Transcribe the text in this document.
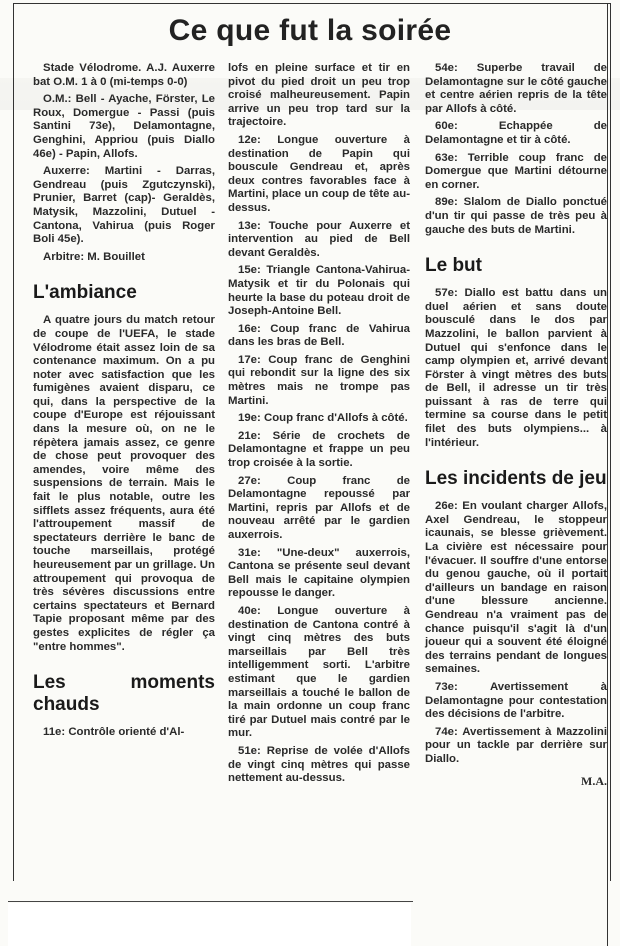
Ce que fut la soirée

Stade Vélodrome. A.J. Auxerre bat O.M. 1 à 0 (mi-temps 0-0)

O.M.: Bell - Ayache, Förster, Le Roux, Domergue - Passi (puis Santini 73e), Delamontagne, Genghini, Appriou (puis Diallo 46e) - Papin, Allofs.

Auxerre: Martini - Darras, Gendreau (puis Zgutczynski), Prunier, Barret (cap)- Geraldès, Matysik, Mazzolini, Dutuel - Cantona, Vahirua (puis Roger Boli 45e).

Arbitre: M. Bouillet

L'ambiance

A quatre jours du match retour de coupe de l'UEFA, le stade Vélodrome était assez loin de sa contenance maximum. On a pu noter avec satisfaction que les fumigènes avaient disparu, ce qui, dans la perspective de la coupe d'Europe est réjouissant dans la mesure où, on ne le répètera jamais assez, ce genre de chose peut provoquer des amendes, voire même des suspensions de terrain. Mais le fait le plus notable, outre les sifflets assez fréquents, aura été l'attroupement massif de spectateurs derrière le banc de touche marseillais, protégé heureusement par un grillage. Un attroupement qui provoqua de très sévères discussions entre certains spectateurs et Bernard Tapie proposant même par des gestes explicites de régler ça "entre hommes".

Les moments chauds

11e: Contrôle orienté d'Al-

lofs en pleine surface et tir en pivot du pied droit un peu trop croisé malheureusement. Papin arrive un peu trop tard sur la trajectoire.

12e: Longue ouverture à destination de Papin qui bouscule Gendreau et, après deux contres favorables face à Martini, place un coup de tête au-dessus.

13e: Touche pour Auxerre et intervention au pied de Bell devant Geraldès.

15e: Triangle Cantona-Vahirua-Matysik et tir du Polonais qui heurte la base du poteau droit de Joseph-Antoine Bell.

16e: Coup franc de Vahirua dans les bras de Bell.

17e: Coup franc de Genghini qui rebondit sur la ligne des six mètres mais ne trompe pas Martini.

19e: Coup franc d'Allofs à côté.

21e: Série de crochets de Delamontagne et frappe un peu trop croisée à la sortie.

27e: Coup franc de Delamontagne repoussé par Martini, repris par Allofs et de nouveau arrêté par le gardien auxerrois.

31e: "Une-deux" auxerrois, Cantona se présente seul devant Bell mais le capitaine olympien repousse le danger.

40e: Longue ouverture à destination de Cantona contré à vingt cinq mètres des buts marseillais par Bell très intelligemment sorti. L'arbitre estimant que le gardien marseillais a touché le ballon de la main ordonne un coup franc tiré par Dutuel mais contré par le mur.

51e: Reprise de volée d'Allofs de vingt cinq mètres qui passe nettement au-dessus.

54e: Superbe travail de Delamontagne sur le côté gauche et centre aérien repris de la tête par Allofs à côté.

60e: Echappée de Delamontagne et tir à côté.

63e: Terrible coup franc de Domergue que Martini détourne en corner.

89e: Slalom de Diallo ponctué d'un tir qui passe de très peu à gauche des buts de Martini.

Le but

57e: Diallo est battu dans un duel aérien et sans doute bousculé dans le dos par Mazzolini, le ballon parvient à Dutuel qui s'enfonce dans le camp olympien et, arrivé devant Förster à vingt mètres des buts de Bell, il adresse un tir très puissant à ras de terre qui termine sa course dans le petit filet des buts olympiens... à l'intérieur.

Les incidents de jeu

26e: En voulant charger Allofs, Axel Gendreau, le stoppeur icaunais, se blesse grièvement. La civière est nécessaire pour l'évacuer. Il souffre d'une entorse du genou gauche, où il portait d'ailleurs un bandage en raison d'une blessure ancienne. Gendreau n'a vraiment pas de chance puisqu'il s'agit là d'un joueur qui a souvent été éloigné des terrains pendant de longues semaines.

73e: Avertissement à Delamontagne pour contestation des décisions de l'arbitre.

74e: Avertissement à Mazzolini pour un tackle par derrière sur Diallo.

M.A.
